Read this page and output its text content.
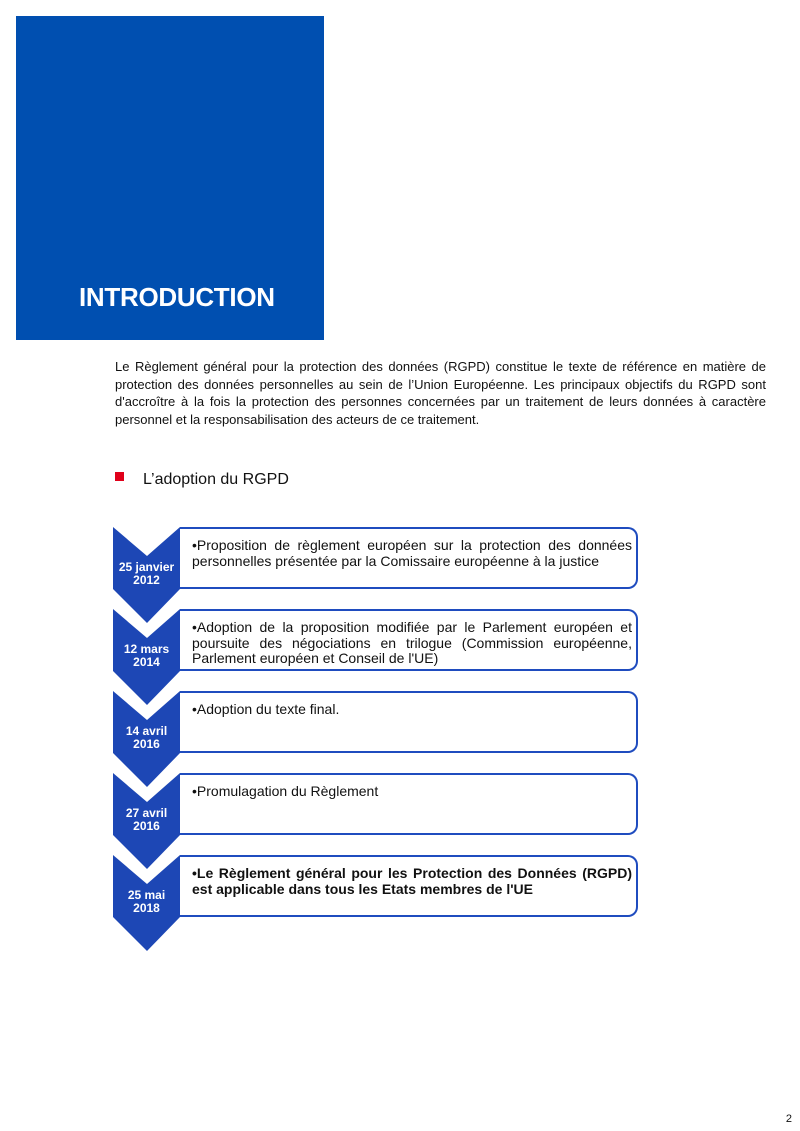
INTRODUCTION
Le Règlement général pour la protection des données (RGPD) constitue le texte de référence en matière de protection des données personnelles au sein de l’Union Européenne. Les principaux objectifs du RGPD sont d'accroître à la fois la protection des personnes concernées par un traitement de leurs données à caractère personnel et la responsabilisation des acteurs de ce traitement.
L’adoption du RGPD
25 janvier
2012

•Proposition de règlement européen sur la protection des données personnelles présentée par la Comissaire européenne à la justice

12 mars
2014

•Adoption de la proposition modifiée par le Parlement européen et poursuite des négociations en trilogue (Commission européenne, Parlement européen et Conseil de l'UE)

14 avril
2016

•Adoption du texte final.

27 avril
2016

•Promulagation du Règlement

25 mai
2018

•Le Règlement général pour les Protection des Données (RGPD) est applicable dans tous les Etats membres de l'UE

2
